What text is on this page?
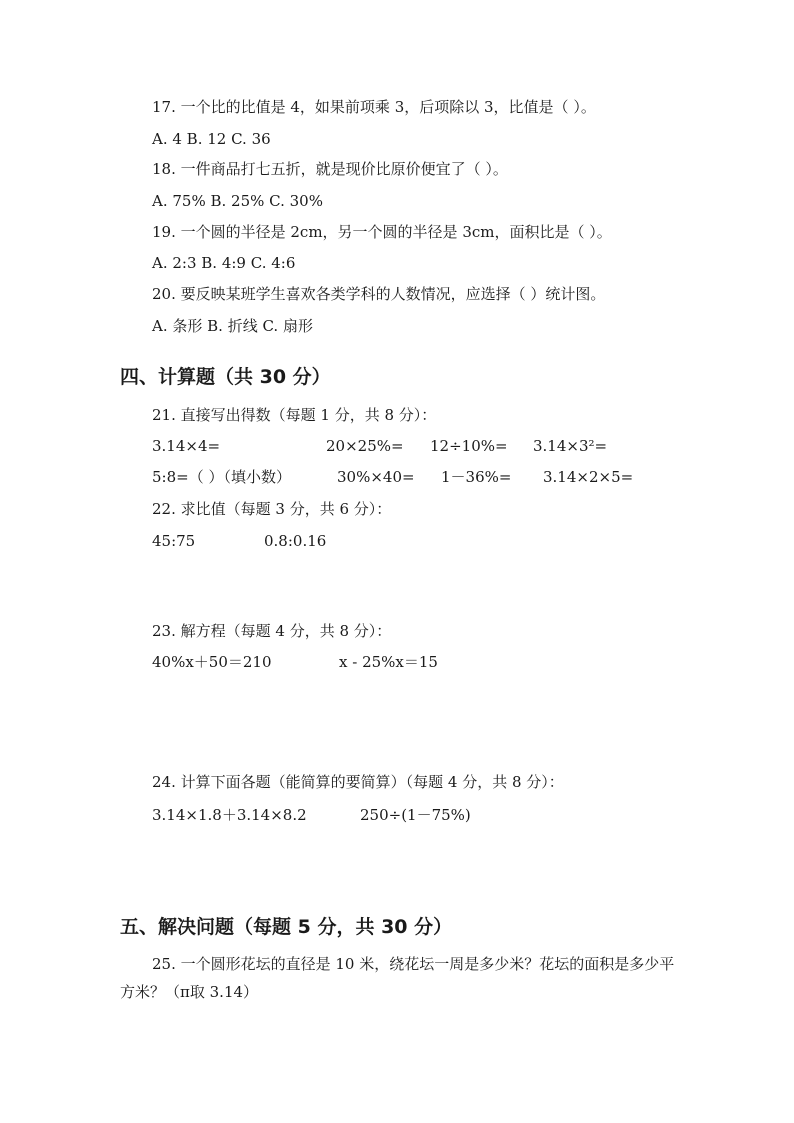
17. 一个比的比值是 4，如果前项乘 3，后项除以 3，比值是（ ）。
A. 4 B. 12 C. 36
18. 一件商品打七五折，就是现价比原价便宜了（ ）。
A. 75% B. 25% C. 30%
19. 一个圆的半径是 2cm，另一个圆的半径是 3cm，面积比是（ ）。
A. 2:3 B. 4:9 C. 4:6
20. 要反映某班学生喜欢各类学科的人数情况，应选择（ ）统计图。
A. 条形 B. 折线 C. 扇形
四、计算题（共 30 分）
21. 直接写出得数（每题 1 分，共 8 分）：
3.14×4=	20×25%= 12÷10%= 3.14×3²=
5:8=（ ）（填小数）	30%×40= 1－36%= 3.14×2×5=
22. 求比值（每题 3 分，共 6 分）：
45:75	0.8:0.16
23. 解方程（每题 4 分，共 8 分）：
40%x＋50＝210	x - 25%x＝15
24. 计算下面各题（能简算的要简算）（每题 4 分，共 8 分）：
3.14×1.8＋3.14×8.2	250÷(1－75%)
五、解决问题（每题 5 分，共 30 分）
25. 一个圆形花坛的直径是 10 米，绕花坛一周是多少米？花坛的面积是多少平方米？（π取 3.14）
